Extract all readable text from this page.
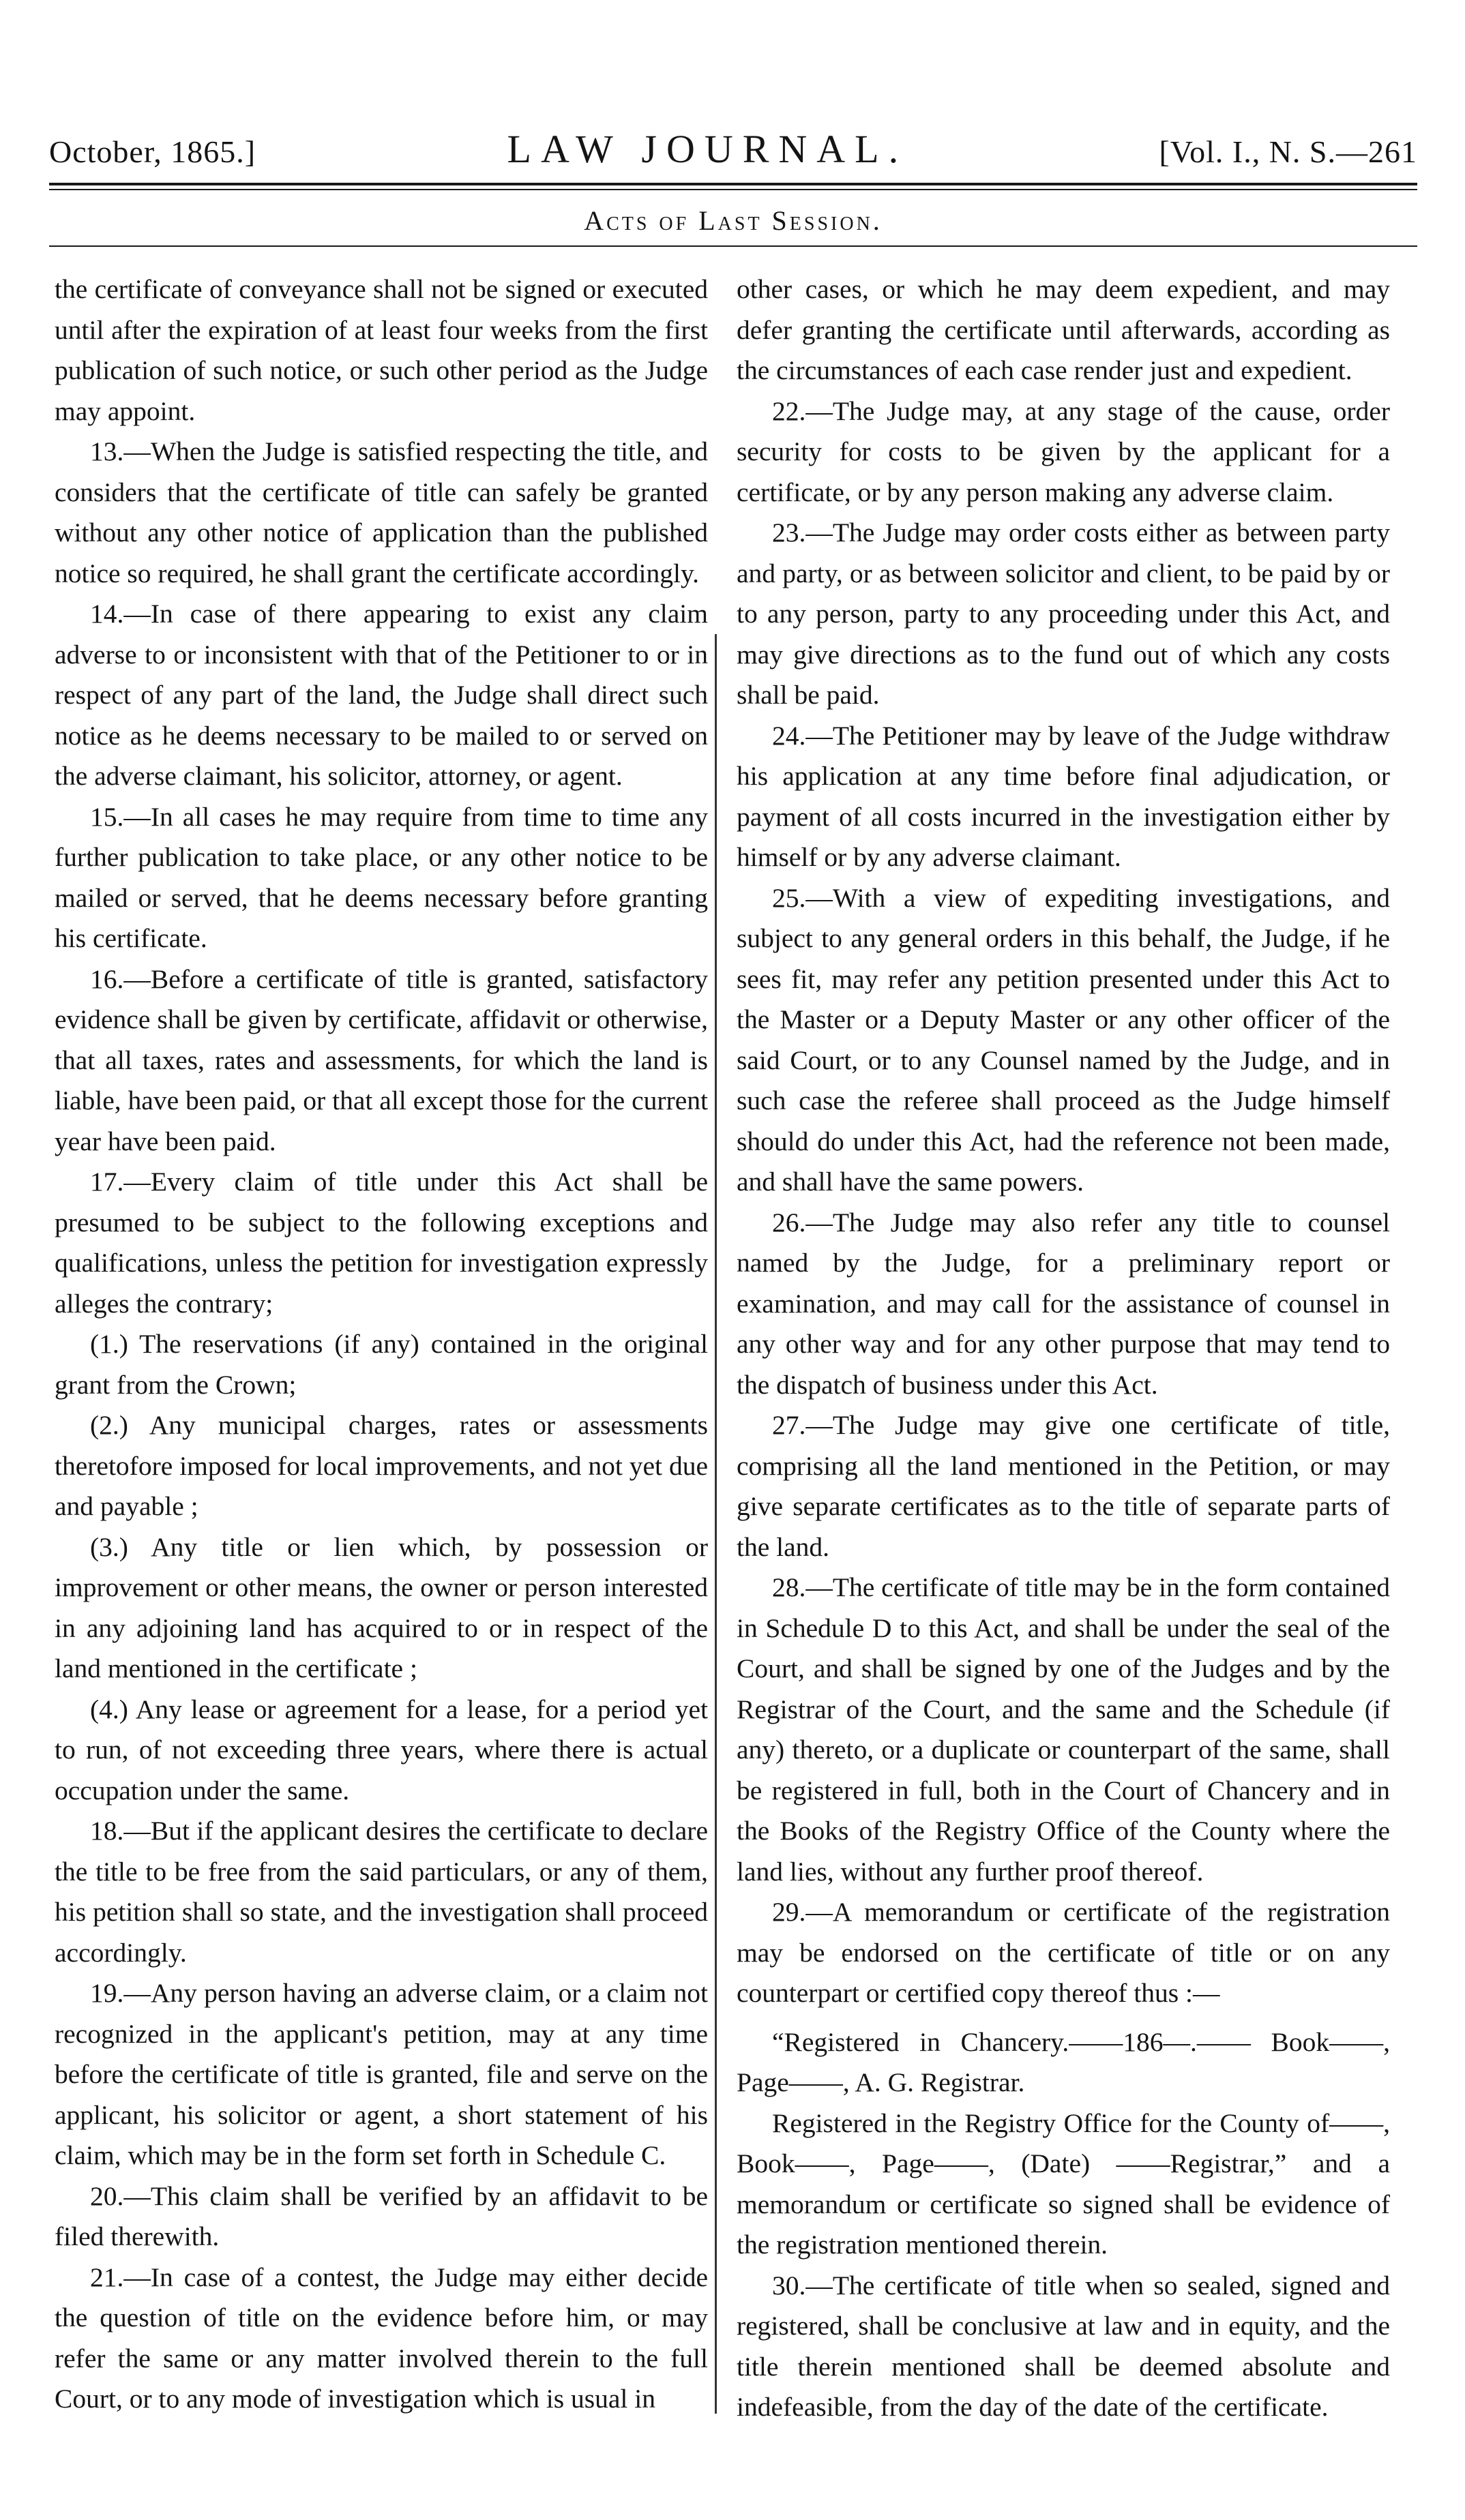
October, 1865.]	LAW JOURNAL.	[Vol. I., N. S.—261
Acts of Last Session.

the certificate of conveyance shall not be signed or executed until after the expiration of at least four weeks from the first publication of such notice, or such other period as the Judge may appoint.

13.—When the Judge is satisfied respecting the title, and considers that the certificate of title can safely be granted without any other notice of application than the published notice so required, he shall grant the certificate accordingly.

14.—In case of there appearing to exist any claim adverse to or inconsistent with that of the Petitioner to or in respect of any part of the land, the Judge shall direct such notice as he deems necessary to be mailed to or served on the adverse claimant, his solicitor, attorney, or agent.

15.—In all cases he may require from time to time any further publication to take place, or any other notice to be mailed or served, that he deems necessary before granting his certificate.

16.—Before a certificate of title is granted, satisfactory evidence shall be given by certificate, affidavit or otherwise, that all taxes, rates and assessments, for which the land is liable, have been paid, or that all except those for the current year have been paid.

17.—Every claim of title under this Act shall be presumed to be subject to the following exceptions and qualifications, unless the petition for investigation expressly alleges the contrary;

(1.) The reservations (if any) contained in the original grant from the Crown;

(2.) Any municipal charges, rates or assessments theretofore imposed for local improvements, and not yet due and payable ;

(3.) Any title or lien which, by possession or improvement or other means, the owner or person interested in any adjoining land has acquired to or in respect of the land mentioned in the certificate ;

(4.) Any lease or agreement for a lease, for a period yet to run, of not exceeding three years, where there is actual occupation under the same.

18.—But if the applicant desires the certificate to declare the title to be free from the said particulars, or any of them, his petition shall so state, and the investigation shall proceed accordingly.

19.—Any person having an adverse claim, or a claim not recognized in the applicant's petition, may at any time before the certificate of title is granted, file and serve on the applicant, his solicitor or agent, a short statement of his claim, which may be in the form set forth in Schedule C.

20.—This claim shall be verified by an affidavit to be filed therewith.

21.—In case of a contest, the Judge may either decide the question of title on the evidence before him, or may refer the same or any matter involved therein to the full Court, or to any mode of investigation which is usual in

other cases, or which he may deem expedient, and may defer granting the certificate until afterwards, according as the circumstances of each case render just and expedient.

22.—The Judge may, at any stage of the cause, order security for costs to be given by the applicant for a certificate, or by any person making any adverse claim.

23.—The Judge may order costs either as between party and party, or as between solicitor and client, to be paid by or to any person, party to any proceeding under this Act, and may give directions as to the fund out of which any costs shall be paid.

24.—The Petitioner may by leave of the Judge withdraw his application at any time before final adjudication, or payment of all costs incurred in the investigation either by himself or by any adverse claimant.

25.—With a view of expediting investigations, and subject to any general orders in this behalf, the Judge, if he sees fit, may refer any petition presented under this Act to the Master or a Deputy Master or any other officer of the said Court, or to any Counsel named by the Judge, and in such case the referee shall proceed as the Judge himself should do under this Act, had the reference not been made, and shall have the same powers.

26.—The Judge may also refer any title to counsel named by the Judge, for a preliminary report or examination, and may call for the assistance of counsel in any other way and for any other purpose that may tend to the dispatch of business under this Act.

27.—The Judge may give one certificate of title, comprising all the land mentioned in the Petition, or may give separate certificates as to the title of separate parts of the land.

28.—The certificate of title may be in the form contained in Schedule D to this Act, and shall be under the seal of the Court, and shall be signed by one of the Judges and by the Registrar of the Court, and the same and the Schedule (if any) thereto, or a duplicate or counterpart of the same, shall be registered in full, both in the Court of Chancery and in the Books of the Registry Office of the County where the land lies, without any further proof thereof.

29.—A memorandum or certificate of the registration may be endorsed on the certificate of title or on any counterpart or certified copy thereof thus :—

“Registered in Chancery.——186—.—— Book——, Page——, A. G. Registrar.

Registered in the Registry Office for the County of——, Book——, Page——, (Date) ——Registrar,” and a memorandum or certificate so signed shall be evidence of the registration mentioned therein.

30.—The certificate of title when so sealed, signed and registered, shall be conclusive at law and in equity, and the title therein mentioned shall be deemed absolute and indefeasible, from the day of the date of the certificate.
